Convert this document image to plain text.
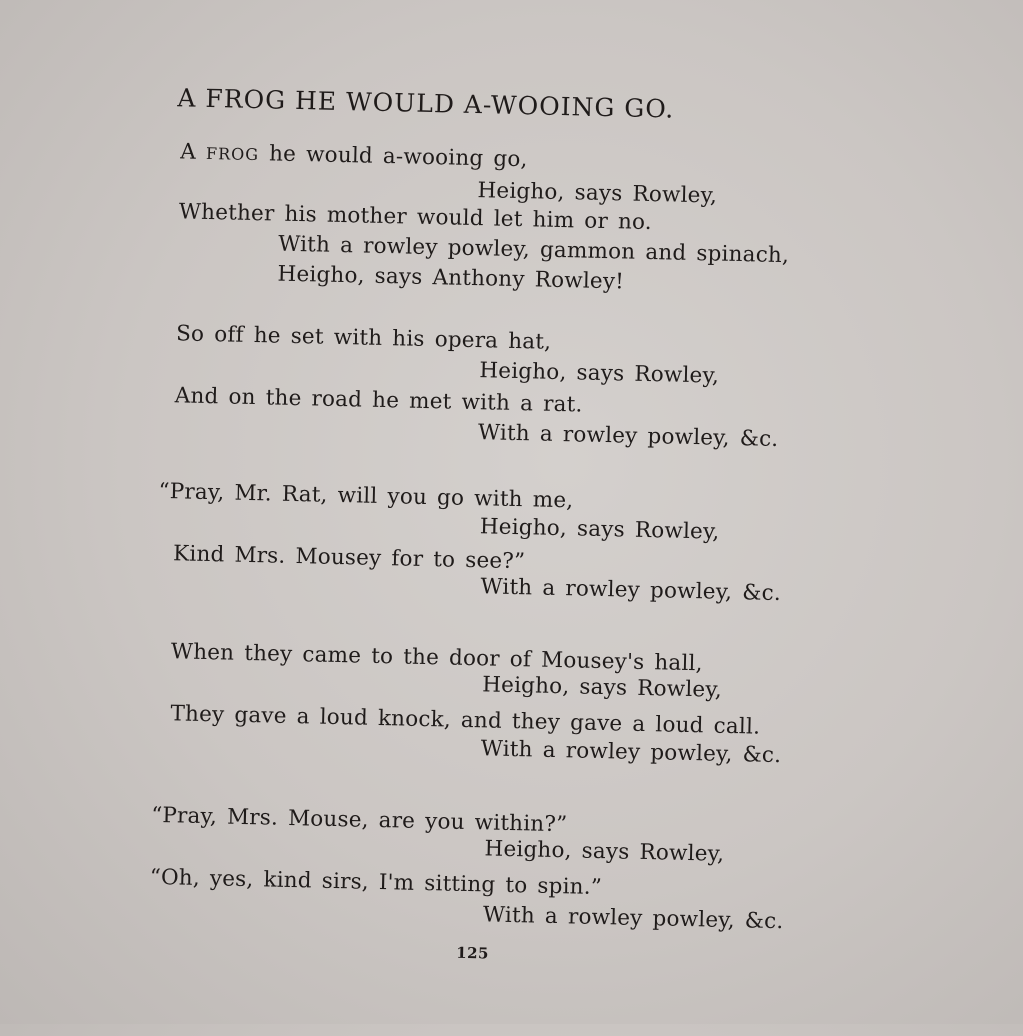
A FROG HE WOULD A-WOOING GO.
A FROG he would a-wooing go,
Heigho, says Rowley,
Whether his mother would let him or no.
With a rowley powley, gammon and spinach,
Heigho, says Anthony Rowley!
So off he set with his opera hat,
Heigho, says Rowley,
And on the road he met with a rat.
With a rowley powley, &c.
“Pray, Mr. Rat, will you go with me,
Heigho, says Rowley,
Kind Mrs. Mousey for to see?”
With a rowley powley, &c.
When they came to the door of Mousey's hall,
Heigho, says Rowley,
They gave a loud knock, and they gave a loud call.
With a rowley powley, &c.
“Pray, Mrs. Mouse, are you within?”
Heigho, says Rowley,
“Oh, yes, kind sirs, I'm sitting to spin.”
With a rowley powley, &c.
125
